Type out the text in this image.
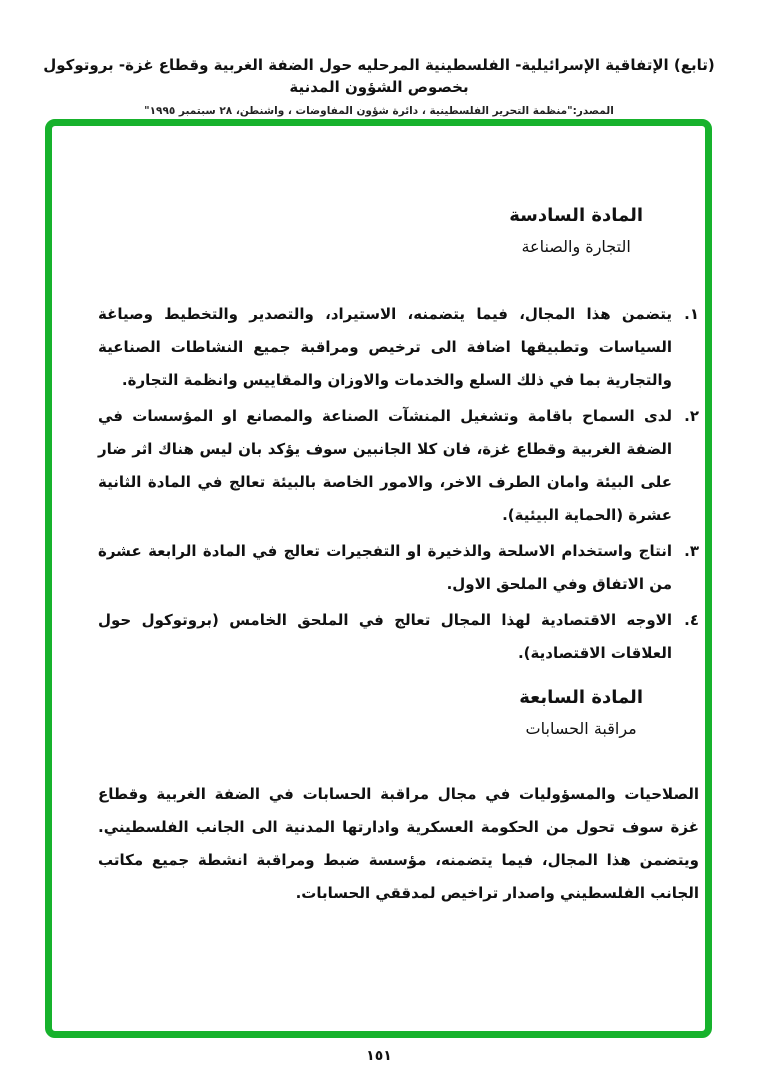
(تابع) الإتفاقية الإسرائيلية- الفلسطينية المرحليه حول الضفة الغربية وقطاع غزة- بروتوكول بخصوص الشؤون المدنية
المصدر:"منظمة التحرير الفلسطينية ، دائرة شؤون المفاوضات ، واشنطن، ٢٨ سبتمبر ١٩٩٥"
المادة السادسة
التجارة والصناعة
١.
يتضمن هذا المجال، فيما يتضمنه، الاستيراد، والتصدير والتخطيط وصياغة السياسات وتطبيقها اضافة الى ترخيص ومراقبة جميع النشاطات الصناعية والتجارية بما في ذلك السلع والخدمات والاوزان والمقاييس وانظمة التجارة.
٢.
لدى السماح باقامة وتشغيل المنشآت الصناعة والمصانع او المؤسسات في الضفة الغربية وقطاع غزة، فان كلا الجانبين سوف يؤكد بان ليس هناك اثر ضار على البيئة وامان الطرف الاخر، والامور الخاصة بالبيئة تعالج في المادة الثانية عشرة (الحماية البيئية).
٣.
انتاج واستخدام الاسلحة والذخيرة او التفجيرات تعالج في المادة الرابعة عشرة من الاتفاق وفي الملحق الاول.
٤.
الاوجه الاقتصادية لهذا المجال تعالج في الملحق الخامس (بروتوكول حول العلاقات الاقتصادية).
المادة السابعة
مراقبة الحسابات

الصلاحيات والمسؤوليات في مجال مراقبة الحسابات في الضفة الغربية وقطاع غزة سوف تحول من الحكومة العسكرية وادارتها المدنية الى الجانب الفلسطيني. ويتضمن هذا المجال، فيما يتضمنه، مؤسسة ضبط ومراقبة انشطة جميع مكاتب الجانب الفلسطيني واصدار تراخيص لمدققي الحسابات.

١٥١
